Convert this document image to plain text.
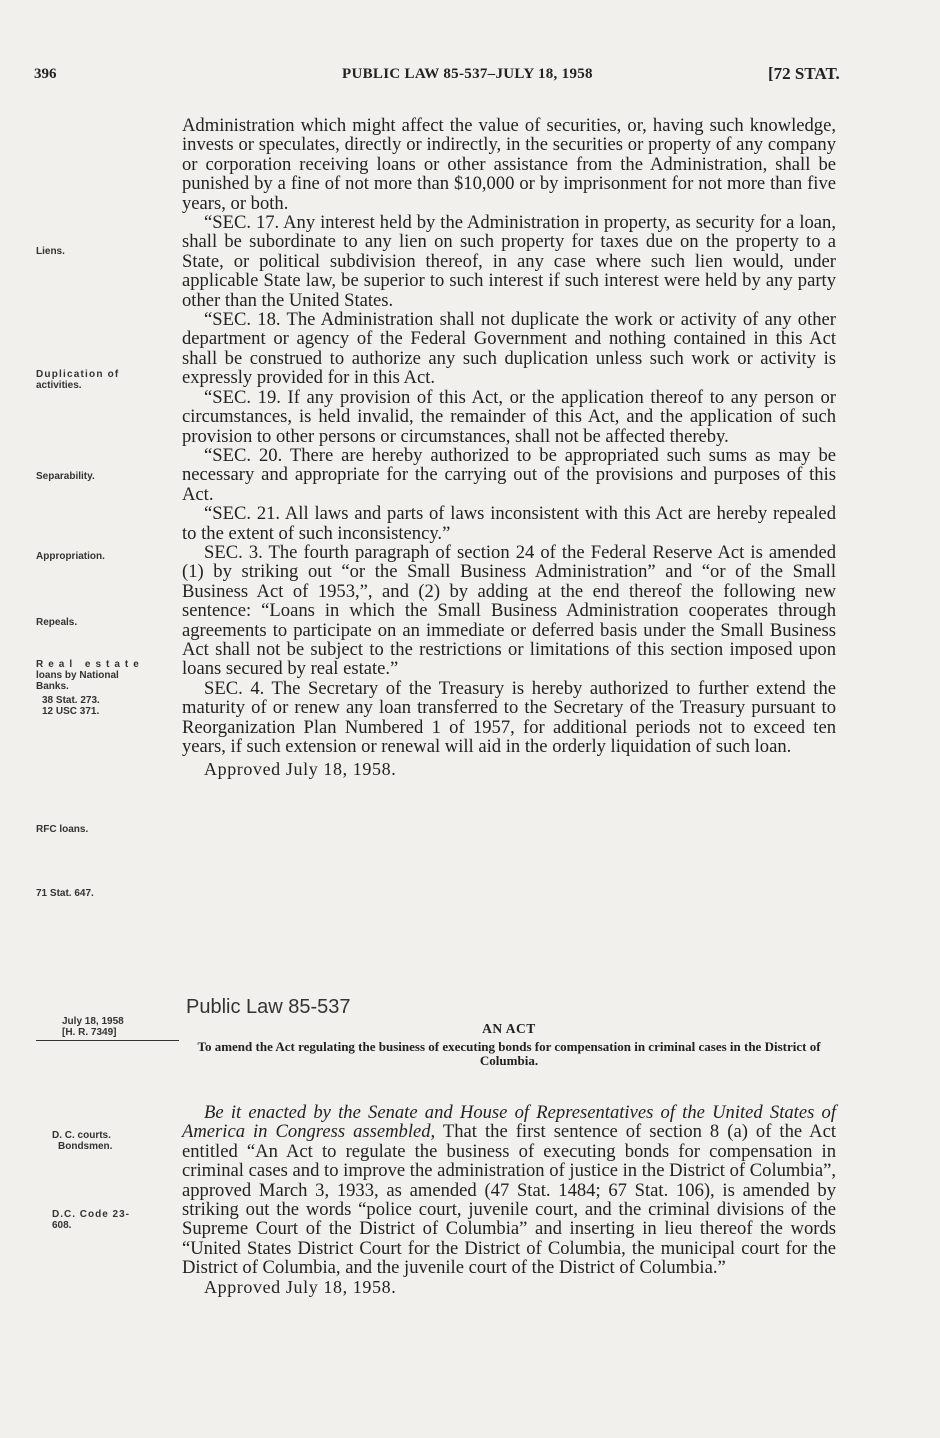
396	PUBLIC LAW 85-537–JULY 18, 1958	[72 STAT.
Liens.
Duplication of
activities.
Separability.
Appropriation.
Repeals.
Real estate
loans by National
Banks.
38 Stat. 273.
12 USC 371.
RFC loans.
71 Stat. 647.
July 18, 1958
[H. R. 7349]
D. C. courts.
Bondsmen.
D.C. Code 23-
608.

Administration which might affect the value of securities, or, having such knowledge, invests or speculates, directly or indirectly, in the securities or property of any company or corporation receiving loans or other assistance from the Administration, shall be punished by a fine of not more than $10,000 or by imprisonment for not more than five years, or both.

“SEC. 17. Any interest held by the Administration in property, as security for a loan, shall be subordinate to any lien on such property for taxes due on the property to a State, or political subdivision thereof, in any case where such lien would, under applicable State law, be superior to such interest if such interest were held by any party other than the United States.

“SEC. 18. The Administration shall not duplicate the work or activity of any other department or agency of the Federal Government and nothing contained in this Act shall be construed to authorize any such duplication unless such work or activity is expressly provided for in this Act.

“SEC. 19. If any provision of this Act, or the application thereof to any person or circumstances, is held invalid, the remainder of this Act, and the application of such provision to other persons or circumstances, shall not be affected thereby.

“SEC. 20. There are hereby authorized to be appropriated such sums as may be necessary and appropriate for the carrying out of the provisions and purposes of this Act.

“SEC. 21. All laws and parts of laws inconsistent with this Act are hereby repealed to the extent of such inconsistency.”

SEC. 3. The fourth paragraph of section 24 of the Federal Reserve Act is amended (1) by striking out “or the Small Business Administration” and “or of the Small Business Act of 1953,”, and (2) by adding at the end thereof the following new sentence: “Loans in which the Small Business Administration cooperates through agreements to participate on an immediate or deferred basis under the Small Business Act shall not be subject to the restrictions or limitations of this section imposed upon loans secured by real estate.”

SEC. 4. The Secretary of the Treasury is hereby authorized to further extend the maturity of or renew any loan transferred to the Secretary of the Treasury pursuant to Reorganization Plan Numbered 1 of 1957, for additional periods not to exceed ten years, if such extension or renewal will aid in the orderly liquidation of such loan.

Approved July 18, 1958.

Public Law 85-537
AN ACT
To amend the Act regulating the business of executing bonds for compensation in criminal cases in the District of Columbia.

Be it enacted by the Senate and House of Representatives of the United States of America in Congress assembled, That the first sentence of section 8 (a) of the Act entitled “An Act to regulate the business of executing bonds for compensation in criminal cases and to improve the administration of justice in the District of Columbia”, approved March 3, 1933, as amended (47 Stat. 1484; 67 Stat. 106), is amended by striking out the words “police court, juvenile court, and the criminal divisions of the Supreme Court of the District of Columbia” and inserting in lieu thereof the words “United States District Court for the District of Columbia, the municipal court for the District of Columbia, and the juvenile court of the District of Columbia.”

Approved July 18, 1958.
